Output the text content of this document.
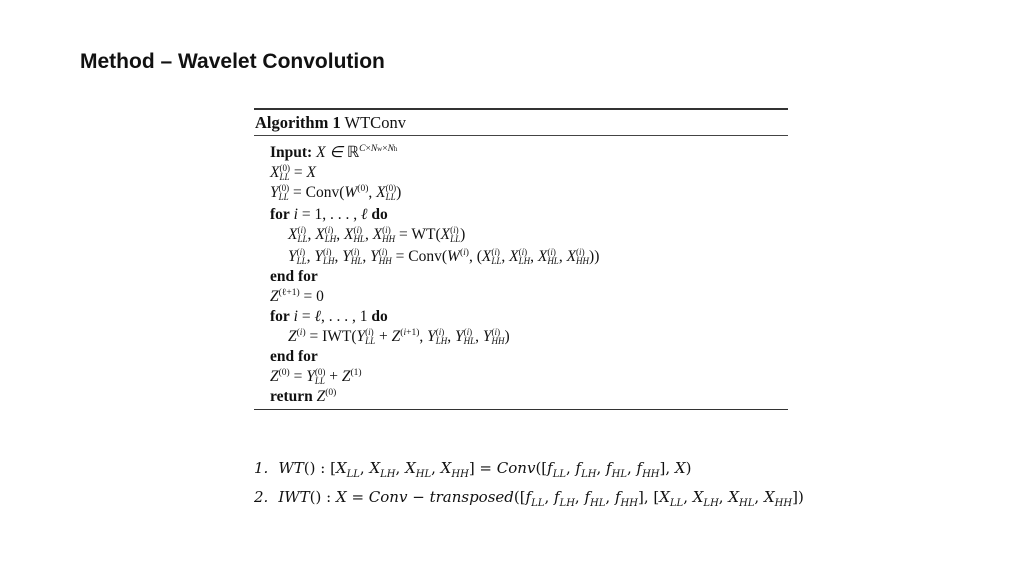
Method – Wavelet Convolution
Algorithm 1 WTConv
Input: X ∈ ℝ$^{C\times Nw\times Nh}$
X (0)
LL = X
Y (0)
LL = $Conv(W^{(0)}$, X (0)
LL )
for i = 1, . . . , ℓ do
X (i)
LL , X (i)
LH , X (i)
HL , X (i)
HH = WT(X (i)
LL )
Y (i)
LL , Y (i)
LH , Y (i)
HL , Y (i)
HH = $Conv(W^{(i)}$, (X (i)
LL , X (i)
LH , X (i)
HL , X (i)
HH ))
end for
$Z^{(\ell+1)} = 0$
for i = ℓ, . . . , 1 do
$Z^{(i)} = IWT(Y$ (i)
LL + $Z^{(i+1)}$, Y (i)
LH , Y (i)
HL , Y (i)
HH )
end for
$Z^{(0)} = Y$ (0)
LL + $Z^{(1)}$
return $Z^{(0)}$
1. WT() : [$X_{LL}$, $X_{LH}$, $X_{HL}$, $X_{HH}$] = $Conv([f_{LL}$, $f_{LH}$, $f_{HL}$, $f_{HH}$], X)
2. IWT() : X = Conv − $transposed([f_{LL}$, $f_{LH}$, $f_{HL}$, $f_{HH}$], [$X_{LL}$, $X_{LH}$, $X_{HL}$, $X_{HH}$])
